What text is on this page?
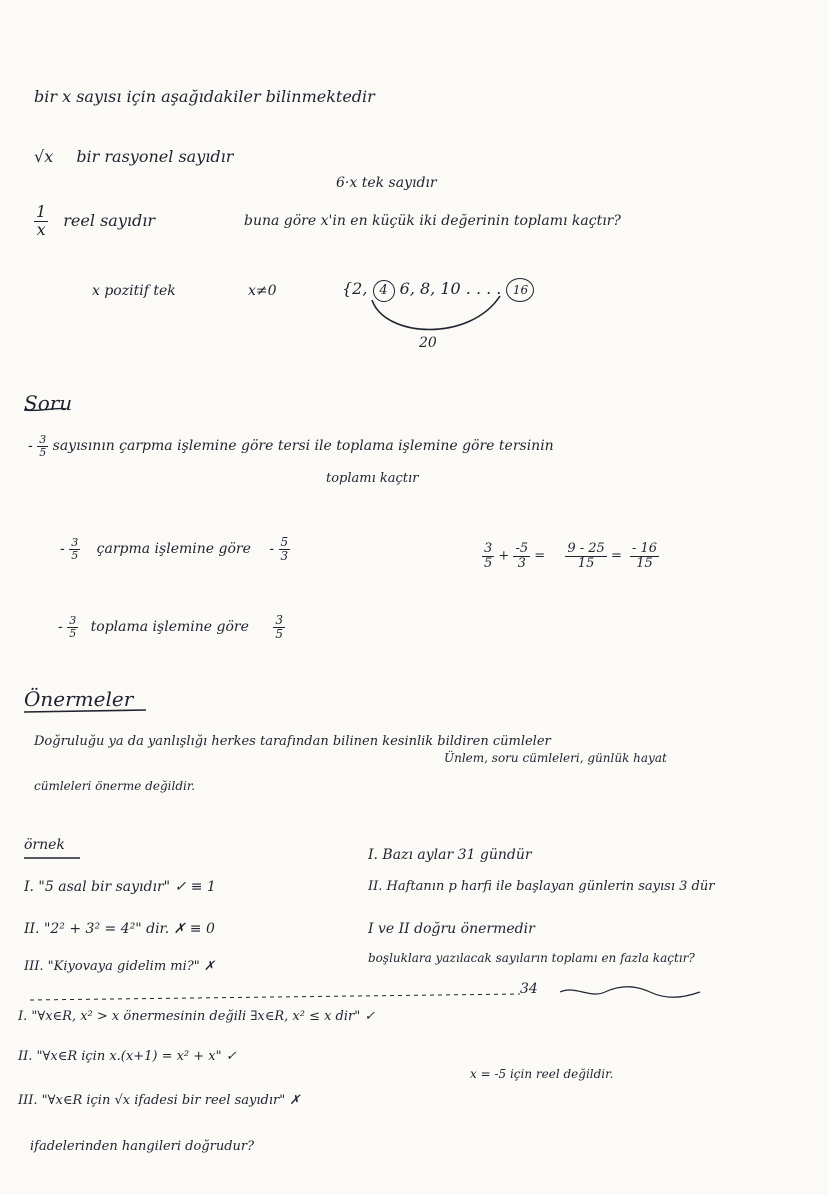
bir x sayısı için aşağıdakiler bilinmektedir
√x bir rasyonel sayıdır
6·x tek sayıdır
$\frac{1}{x}$ reel sayıdır	buna göre x'in en küçük iki değerinin toplamı kaçtır?
x pozitif tek	x≠0	{2, 4 6, 8, 10 . . . . 16
20
Soru
- $\frac{3}{5}$ sayısının çarpma işlemine göre tersi ile toplama işlemine göre tersinin
toplamı kaçtır
- $\frac{3}{5}$ çarpma işlemine göre - $\frac{5}{3}$
- $\frac{3}{5}$ toplama işlemine göre $\frac{3}{5}$
$\frac{3}{5} + \frac{-5}{3} = \frac{9 - 25}{15} = \frac{- 16}{15}$
Önermeler
Doğruluğu ya da yanlışlığı herkes tarafından bilinen kesinlik bildiren cümleler
Ünlem, soru cümleleri, günlük hayat
cümleleri önerme değildir.
örnek
I. "5 asal bir sayıdır" ✓ ≡ 1
II. "2² + 3² = 4²" dir. ✗ ≡ 0
III. "Kiyovaya gidelim mi?" ✗
I. Bazı aylar 31 gündür
II. Haftanın p harfi ile başlayan günlerin sayısı 3 dür
I ve II doğru önermedir
boşluklara yazılacak sayıların toplamı en fazla kaçtır?
34
I. "∀x∈R, x² > x önermesinin değili ∃x∈R, x² ≤ x dir" ✓
II. "∀x∈R için x.(x+1) = x² + x" ✓
III. "∀x∈R için √x ifadesi bir reel sayıdır" ✗
x = -5 için reel değildir.
ifadelerinden hangileri doğrudur?
